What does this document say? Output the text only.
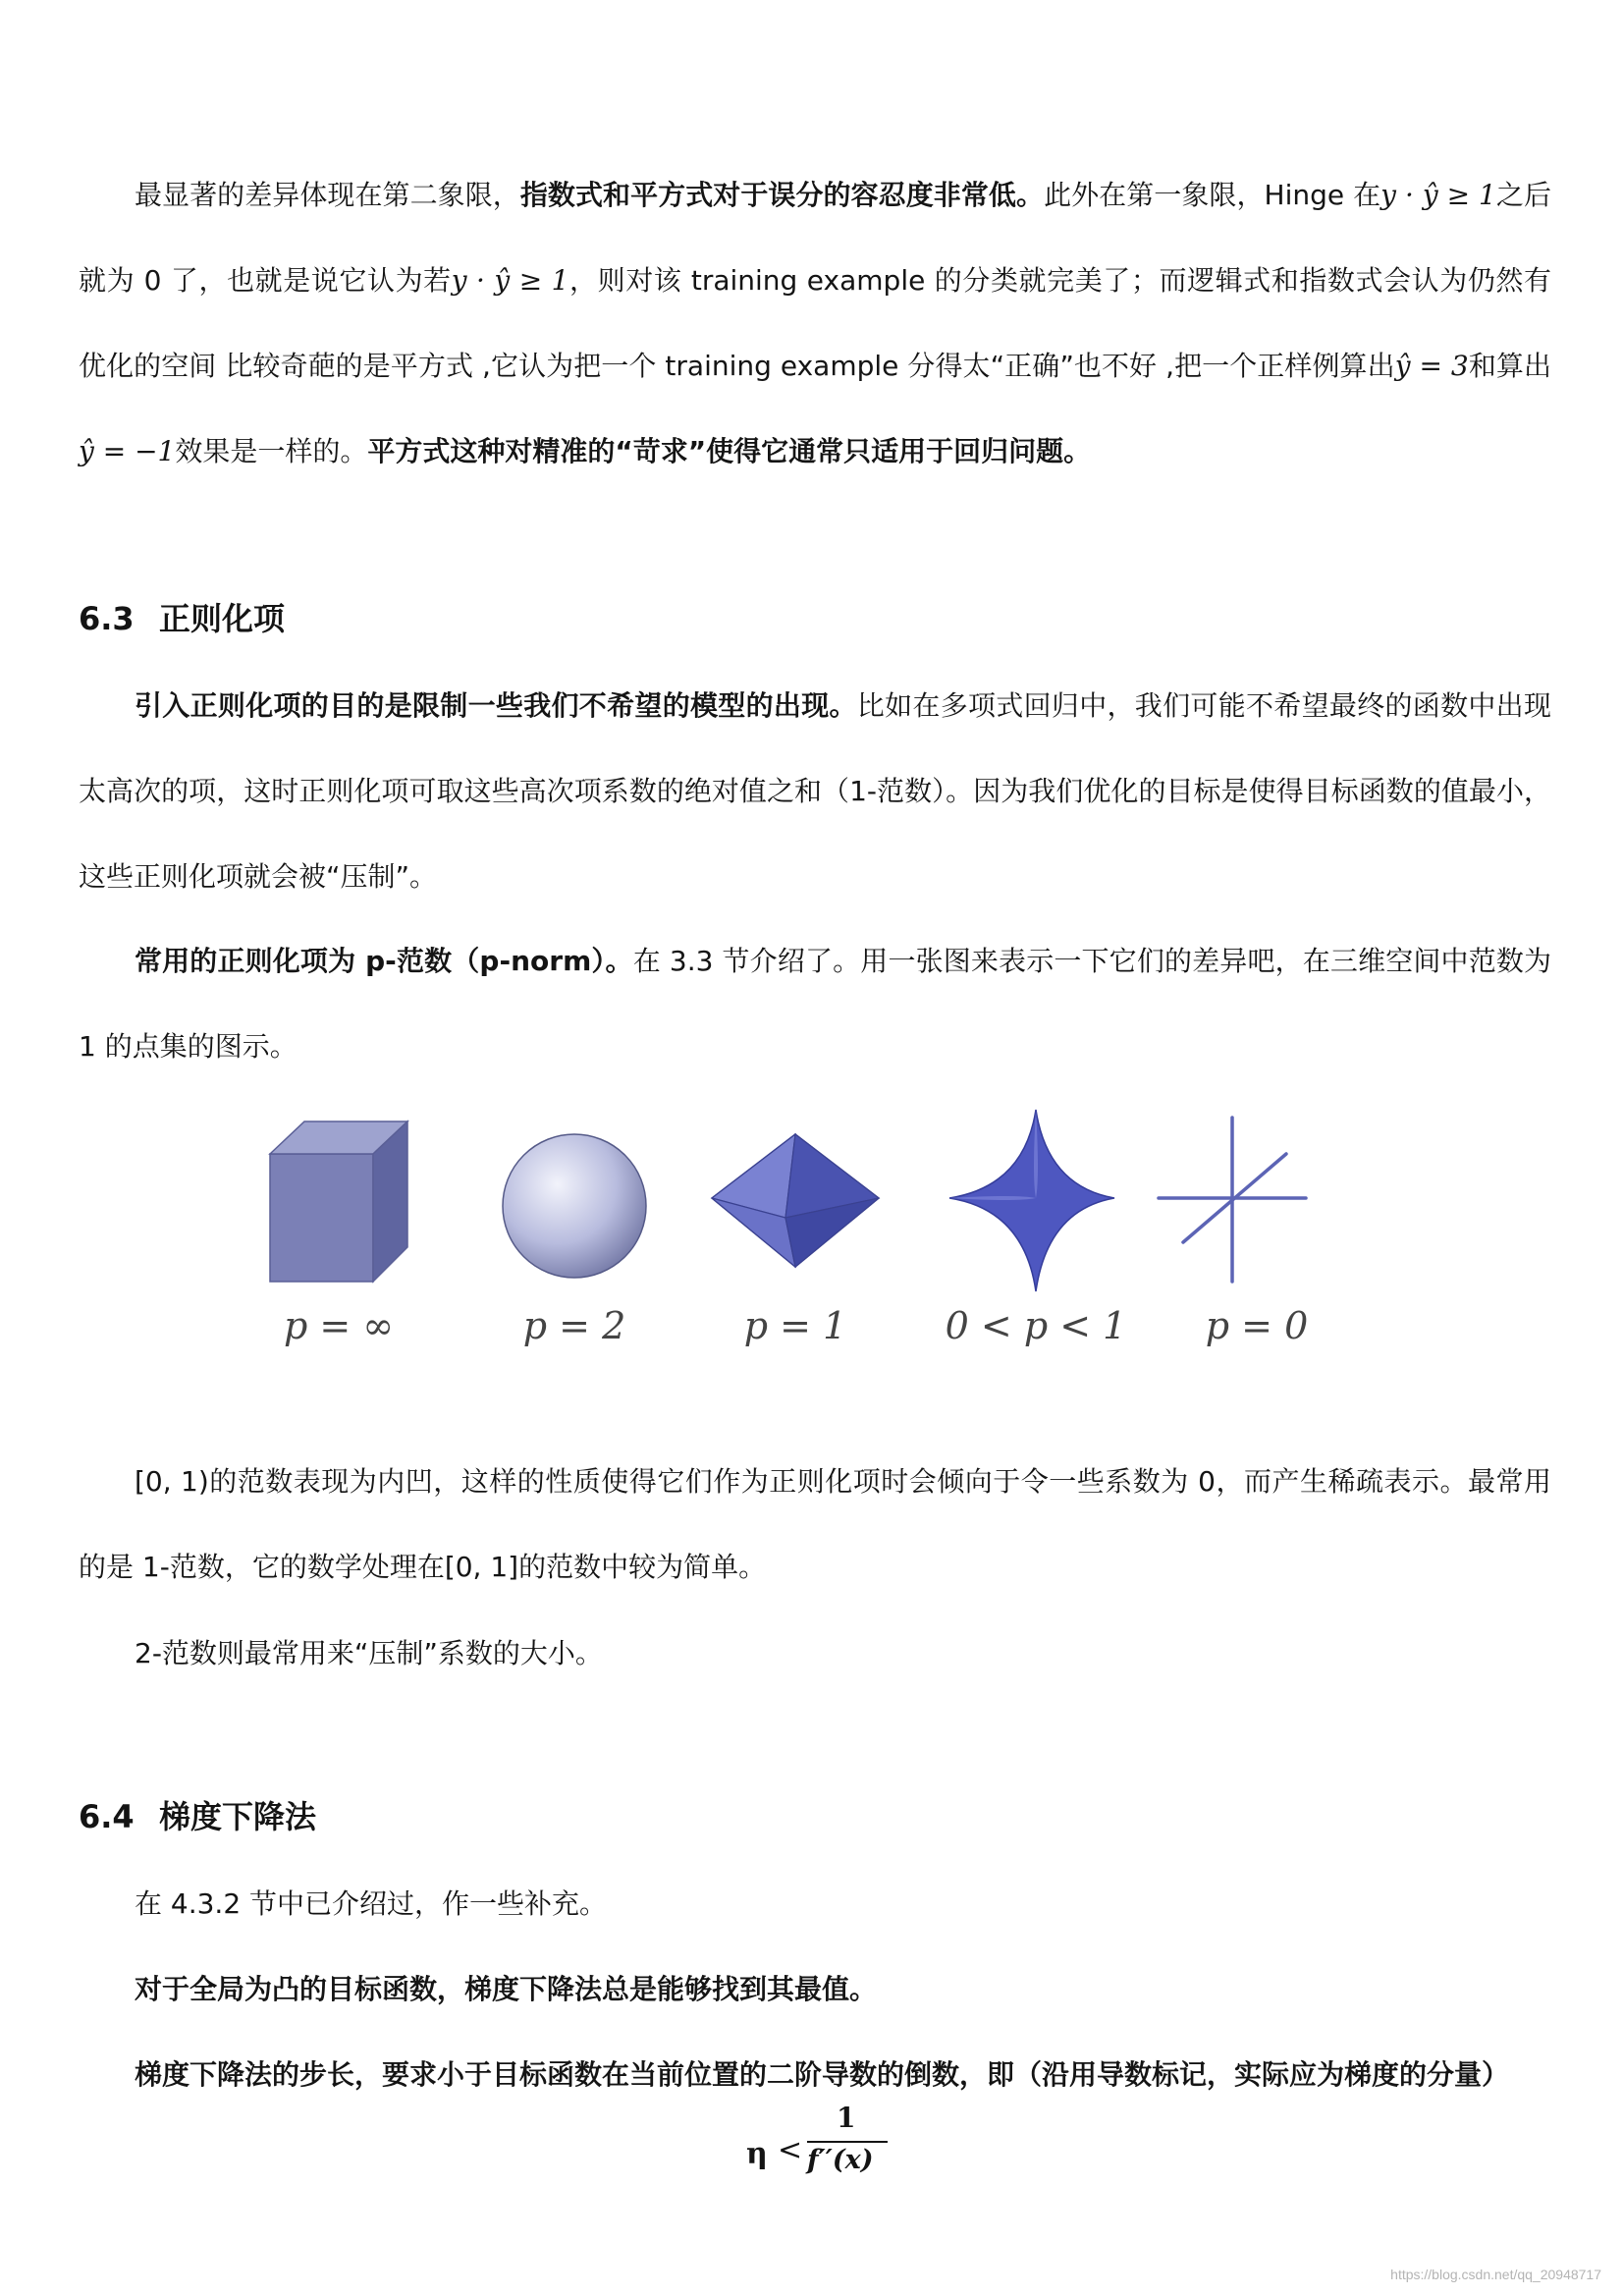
最显著的差异体现在第二象限，指数式和平方式对于误分的容忍度非常低。此外在第一象限，Hinge 在y · ŷ ≥ 1之后就为 0 了，也就是说它认为若y · ŷ ≥ 1，则对该 training example 的分类就完美了；而逻辑式和指数式会认为仍然有优化的空间 比较奇葩的是平方式 ,它认为把一个 training example 分得太“正确”也不好 ,把一个正样例算出ŷ = 3和算出ŷ = −1效果是一样的。平方式这种对精准的“苛求”使得它通常只适用于回归问题。

6.3 正则化项

引入正则化项的目的是限制一些我们不希望的模型的出现。比如在多项式回归中，我们可能不希望最终的函数中出现太高次的项，这时正则化项可取这些高次项系数的绝对值之和（1-范数）。因为我们优化的目标是使得目标函数的值最小，这些正则化项就会被“压制”。

常用的正则化项为 p-范数（p-norm）。在 3.3 节介绍了。用一张图来表示一下它们的差异吧，在三维空间中范数为 1 的点集的图示。

p = ∞	p = 2	p = 1	0 < p < 1	p = 0

[0, 1)的范数表现为内凹，这样的性质使得它们作为正则化项时会倾向于令一些系数为 0，而产生稀疏表示。最常用的是 1-范数，它的数学处理在[0, 1]的范数中较为简单。

2-范数则最常用来“压制”系数的大小。

6.4 梯度下降法

在 4.3.2 节中已介绍过，作一些补充。

对于全局为凸的目标函数，梯度下降法总是能够找到其最值。

梯度下降法的步长，要求小于目标函数在当前位置的二阶导数的倒数，即（沿用导数标记，实际应为梯度的分量）

η <
1
f′′(x)
https://blog.csdn.net/qq_20948717
